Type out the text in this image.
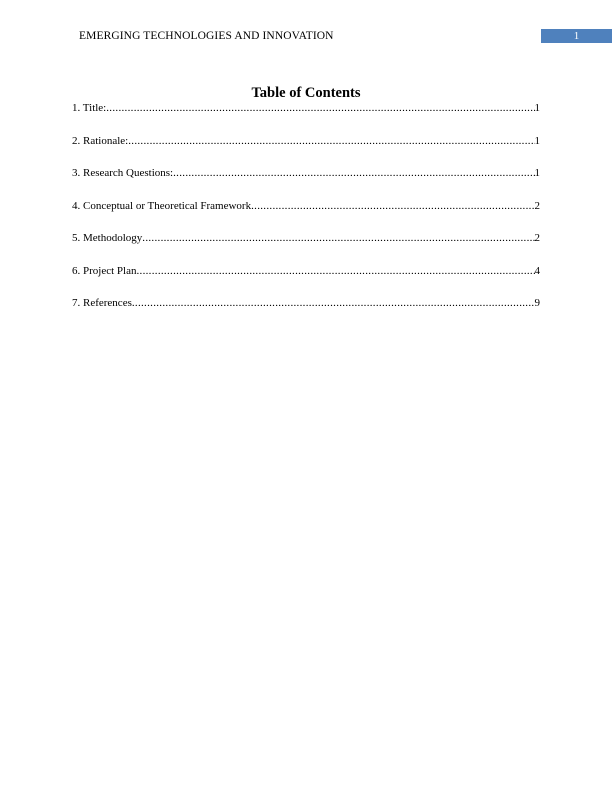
EMERGING TECHNOLOGIES AND INNOVATION	1
Table of Contents
1. Title: .....	1
2. Rationale: .....	1
3. Research Questions: .....	1
4. Conceptual or Theoretical Framework .....	2
5. Methodology .....	2
6. Project Plan .....	4
7. References .....	9
